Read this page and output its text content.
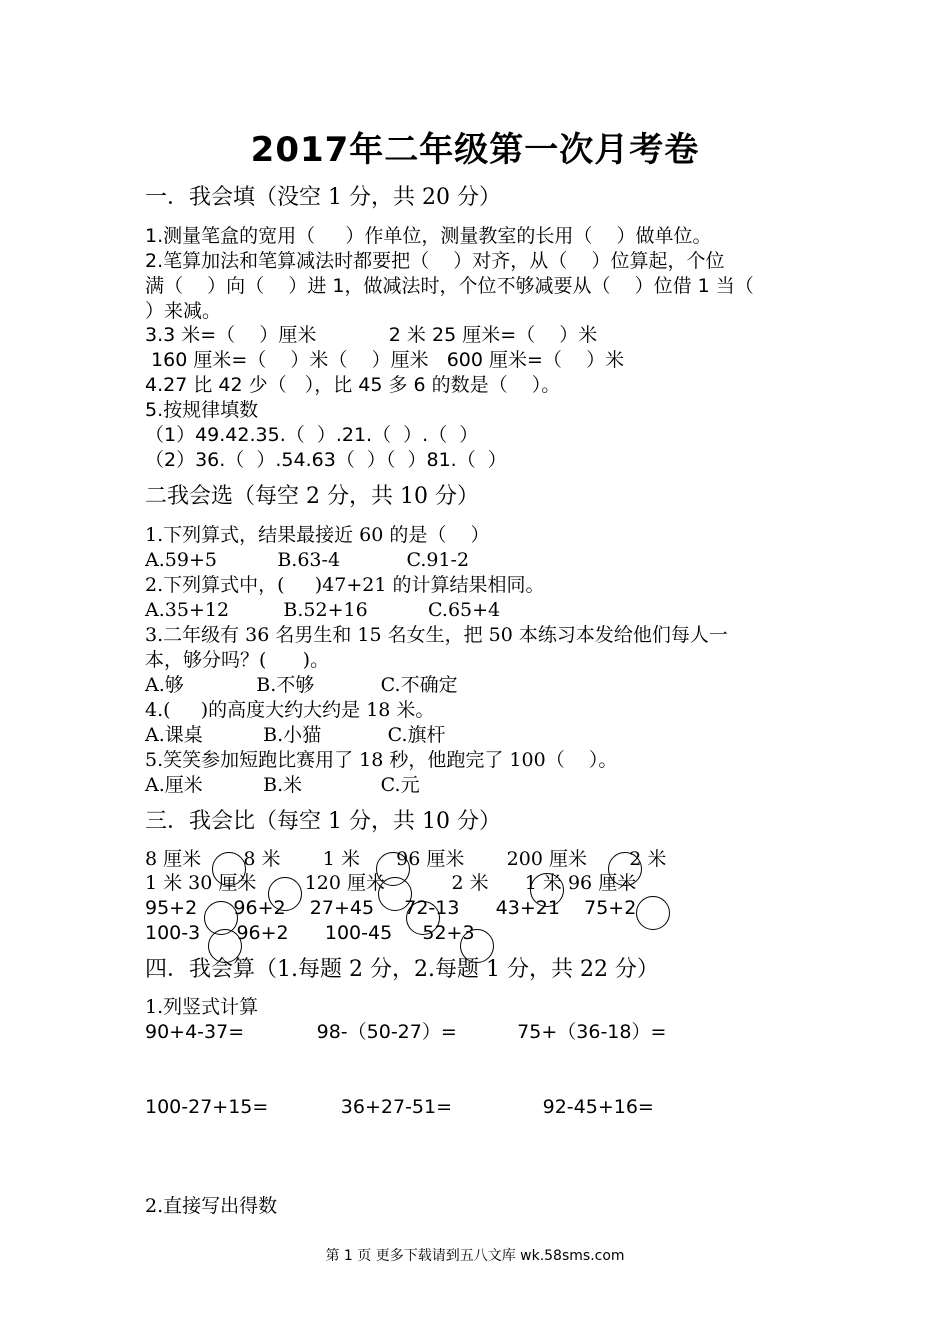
2017年二年级第一次月考卷
一．我会填（没空 1 分，共 20 分）
1.测量笔盒的宽用（     ）作单位，测量教室的长用（    ）做单位。
2.笔算加法和笔算减法时都要把（    ）对齐，从（    ）位算起，个位
满（    ）向（    ）进 1，做减法时，个位不够减要从（    ）位借 1 当（
）来减。
3.3 米=（    ）厘米            2 米 25 厘米=（    ）米
160 厘米=（    ）米（    ）厘米   600 厘米=（    ）米
4.27 比 42 少（   ），比 45 多 6 的数是（    ）。
5.按规律填数
（1）49.42.35.（  ）.21.（  ）.（  ）
（2）36.（  ）.54.63（  ）（  ）81.（  ）
二我会选（每空 2 分，共 10 分）
1.下列算式，结果最接近 60 的是（    ）
A.59+5          B.63-4           C.91-2
2.下列算式中，(     )47+21 的计算结果相同。
A.35+12         B.52+16          C.65+4
3.二年级有 36 名男生和 15 名女生，把 50 本练习本发给他们每人一
本，够分吗？(      )。
A.够            B.不够           C.不确定
4.(     )的高度大约大约是 18 米。
A.课桌          B.小猫           C.旗杆
5.笑笑参加短跑比赛用了 18 秒，他跑完了 100（    ）。
A.厘米          B.米             C.元
三．我会比（每空 1 分，共 10 分）
8 厘米       8 米       1 米      96 厘米       200 厘米       2 米
1 米 30 厘米        120 厘米           2 米      1 米 96 厘米
95+2      96+2    27+45     72-13      43+21    75+2
100-3      96+2      100-45     52+3
四．我会算（1.每题 2 分，2.每题 1 分，共 22 分）
1.列竖式计算
90+4-37=            98-（50-27）=          75+（36-18）=
100-27+15=            36+27-51=               92-45+16=
2.直接写出得数
第 1 页 更多下载请到五八文库 wk.58sms.com
